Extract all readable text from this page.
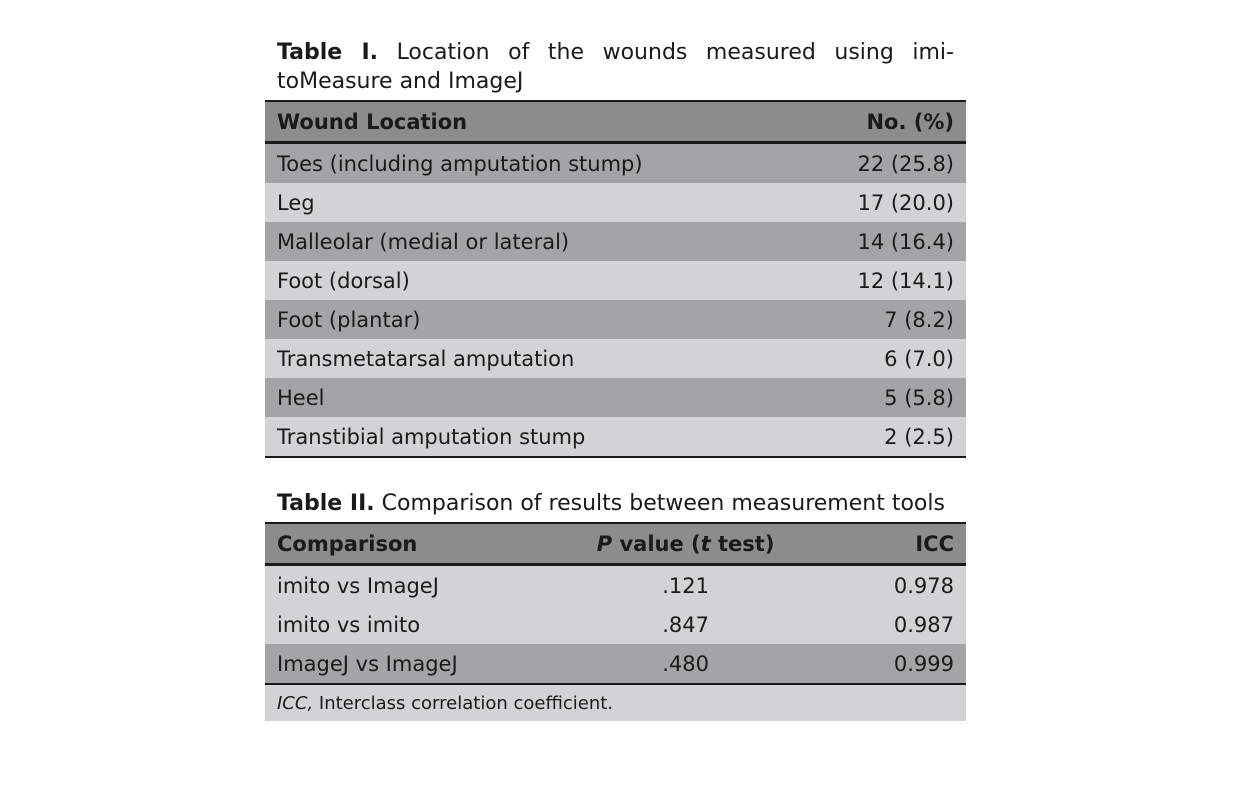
Table I. Location of the wounds measured using imi-toMeasure and ImageJ
Wound Location	No. (%)
Toes (including amputation stump)	22 (25.8)
Leg	17 (20.0)
Malleolar (medial or lateral)	14 (16.4)
Foot (dorsal)	12 (14.1)
Foot (plantar)	7 (8.2)
Transmetatarsal amputation	6 (7.0)
Heel	5 (5.8)
Transtibial amputation stump	2 (2.5)
Table II. Comparison of results between measurement tools
Comparison	P value (t test)	ICC
imito vs ImageJ	.121	0.978
imito vs imito	.847	0.987
ImageJ vs ImageJ	.480	0.999
ICC, Interclass correlation coefficient.		
